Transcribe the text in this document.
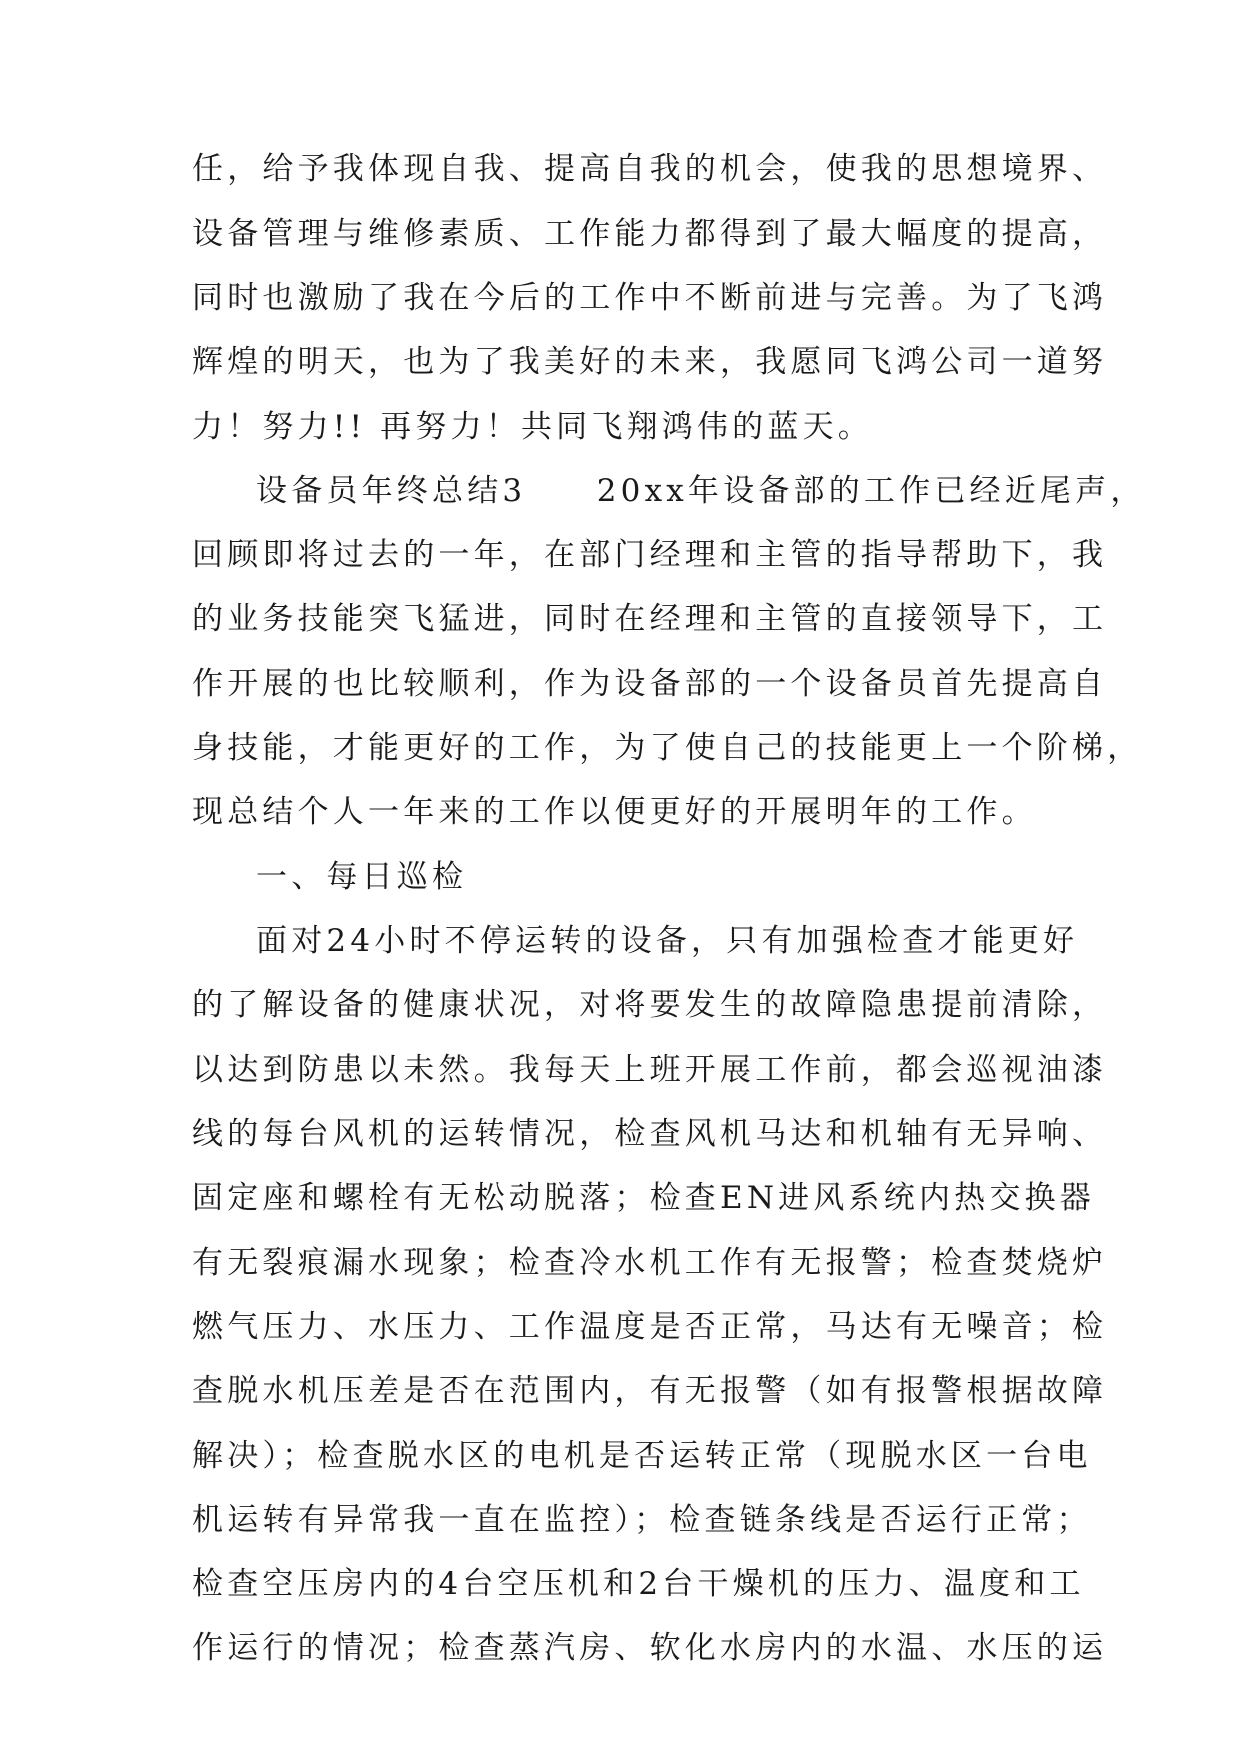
任，给予我体现自我、提高自我的机会，使我的思想境界、
设备管理与维修素质、工作能力都得到了最大幅度的提高，
同时也激励了我在今后的工作中不断前进与完善。为了飞鸿
辉煌的明天，也为了我美好的未来，我愿同飞鸿公司一道努
力！努力!! 再努力！共同飞翔鸿伟的蓝天。
设备员年终总结3　　20xx年设备部的工作已经近尾声，
回顾即将过去的一年，在部门经理和主管的指导帮助下，我
的业务技能突飞猛进，同时在经理和主管的直接领导下，工
作开展的也比较顺利，作为设备部的一个设备员首先提高自
身技能，才能更好的工作，为了使自己的技能更上一个阶梯，
现总结个人一年来的工作以便更好的开展明年的工作。
一、每日巡检
面对24小时不停运转的设备，只有加强检查才能更好
的了解设备的健康状况，对将要发生的故障隐患提前清除，
以达到防患以未然。我每天上班开展工作前，都会巡视油漆
线的每台风机的运转情况，检查风机马达和机轴有无异响、
固定座和螺栓有无松动脱落；检查EN进风系统内热交换器
有无裂痕漏水现象；检查冷水机工作有无报警；检查焚烧炉
燃气压力、水压力、工作温度是否正常，马达有无噪音；检
查脱水机压差是否在范围内，有无报警（如有报警根据故障
解决）；检查脱水区的电机是否运转正常（现脱水区一台电
机运转有异常我一直在监控）；检查链条线是否运行正常；
检查空压房内的4台空压机和2台干燥机的压力、温度和工
作运行的情况；检查蒸汽房、软化水房内的水温、水压的运
